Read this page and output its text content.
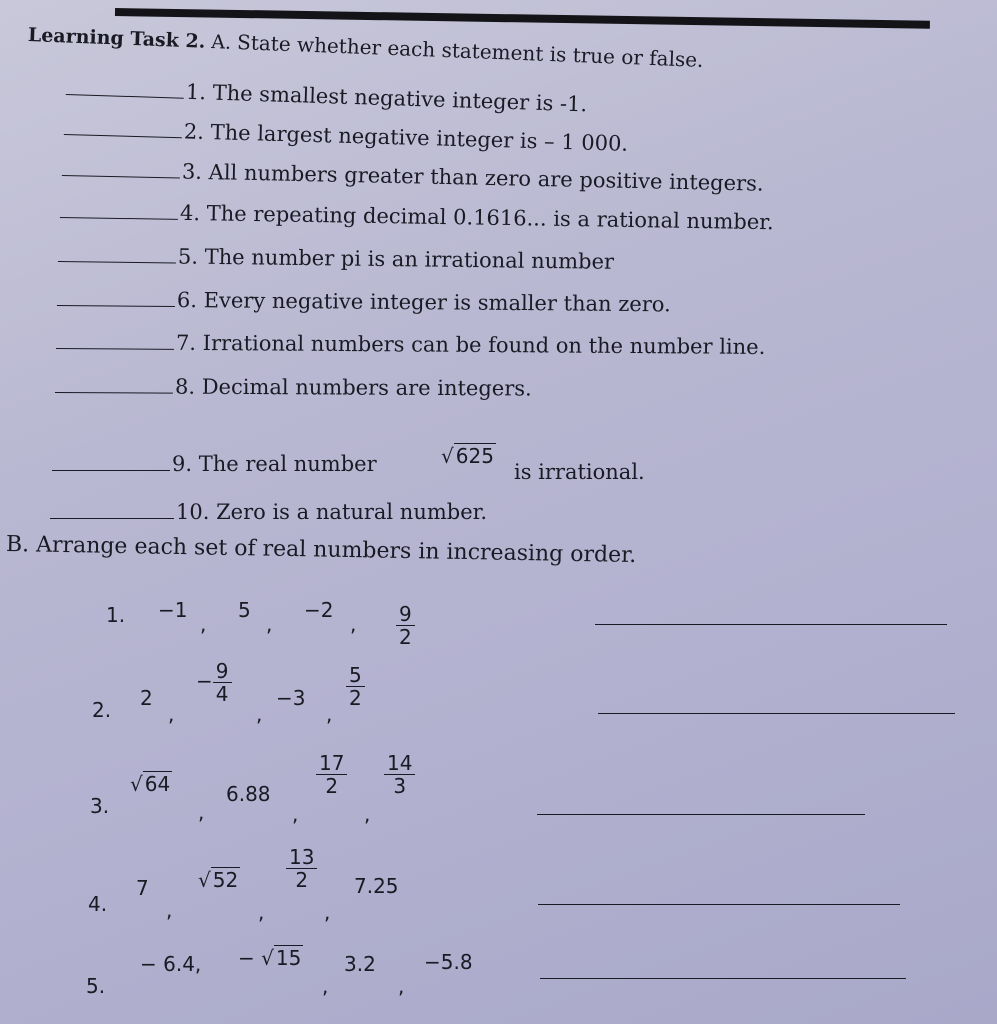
Learning Task 2. A. State whether each statement is true or false.
1. The smallest negative integer is -1.
2. The largest negative integer is – 1 000.
3. All numbers greater than zero are positive integers.
4. The repeating decimal 0.1616... is a rational number.
5. The number pi is an irrational number
6. Every negative integer is smaller than zero.
7. Irrational numbers can be found on the number line.
8. Decimal numbers are integers.
9. The real number	√ 625
is irrational.
10. Zero is a natural number.
B. Arrange each set of real numbers in increasing order.
1. −1
,
5
,
−2
, $\frac{9}{2}$
2. 2
,
− $\frac{9}{4}$
,
−3
,
$\frac{5}{2}$
3.
√ 64
,
6.88
,
$\frac{17}{2}$
,
$\frac{14}{3}$
4.
7
,
√ 52
,
$\frac{13}{2}$
,
7.25
5.
− 6.4, − √ 15
,
3.2
,
−5.8
